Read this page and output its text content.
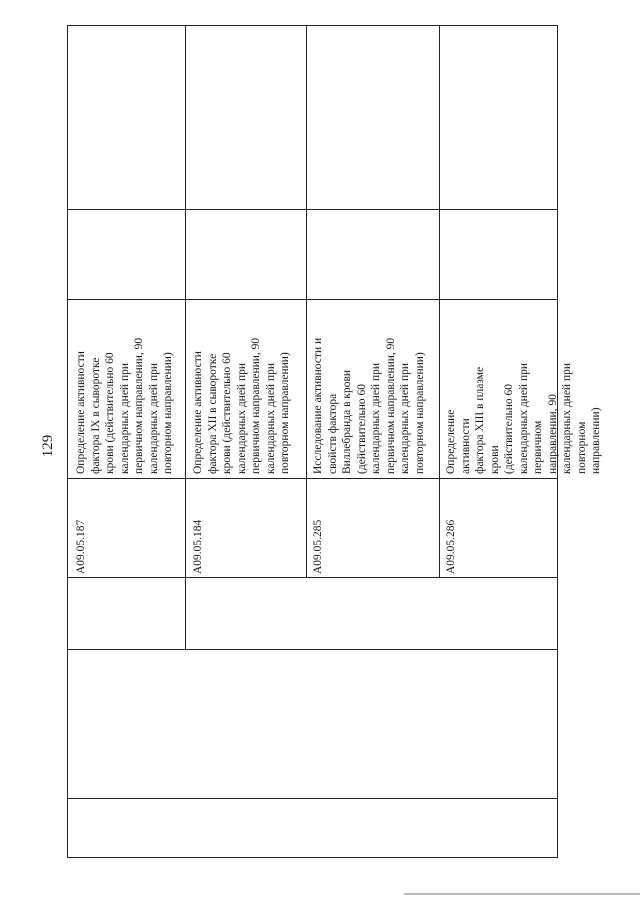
129
A09.05.187
Определение активности
фактора IX в сыворотке
крови (действительно 60
календарных дней при
первичном направлении, 90
календарных дней при
повторном направлении)
A09.05.184
Определение активности
фактора XII в сыворотке
крови (действительно 60
календарных дней при
первичном направлении, 90
календарных дней при
повторном направлении)
A09.05.285
Исследование активности и
свойств фактора
Виллебранда в крови
(действительно 60
календарных дней при
первичном направлении, 90
календарных дней при
повторном направлении)
A09.05.286
Определение активности
фактора XIII в плазме крови
(действительно 60
календарных дней при
первичном направлении, 90
календарных дней при
повторном направлении)
